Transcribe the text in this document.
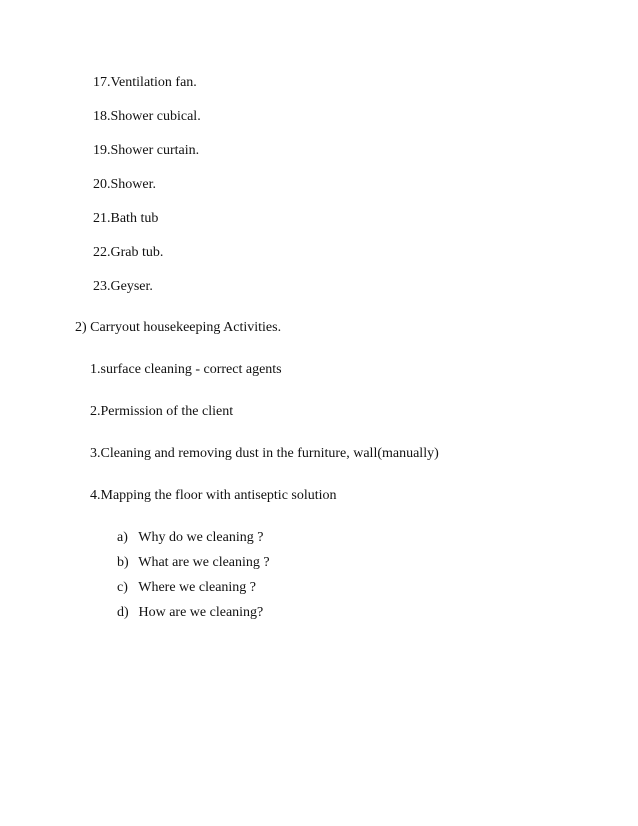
17.Ventilation fan.
18.Shower cubical.
19.Shower curtain.
20.Shower.
21.Bath tub
22.Grab tub.
23.Geyser.
2) Carryout housekeeping Activities.
1.surface cleaning - correct agents
2.Permission of the client
3.Cleaning and removing dust in the furniture, wall(manually)
4.Mapping the floor with antiseptic solution
a) Why do we cleaning ?
b) What are we cleaning ?
c) Where we cleaning ?
d) How are we cleaning?
